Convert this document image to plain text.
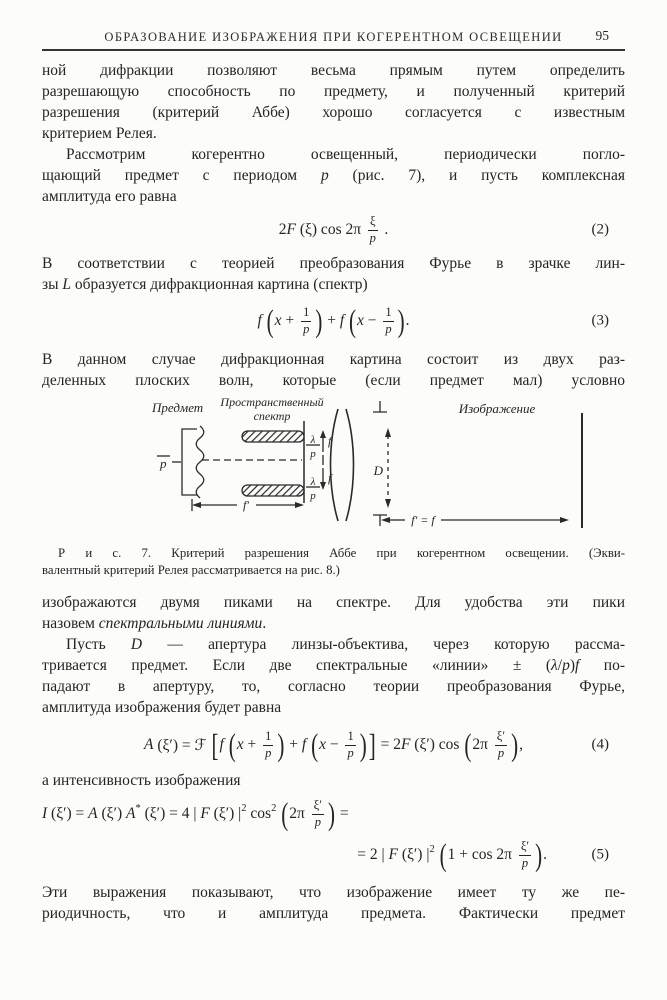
ОБРАЗОВАНИЕ ИЗОБРАЖЕНИЯ ПРИ КОГЕРЕНТНОМ ОСВЕЩЕНИИ 95
ной дифракции позволяют весьма прямым путем определить
разрешающую способность по предмету, и полученный критерий
разрешения (критерий Аббе) хорошо согласуется с известным
критерием Релея.
Рассмотрим когерентно освещенный, периодически погло-
щающий предмет с периодом p (рис. 7), и пусть комплексная
амплитуда его равна
2 F (ξ) cos 2π
ξ
p .	(2)
В соответствии с теорией преобразования Фурье в зрачке лин-
зы L образуется дифракционная картина (спектр)
f
( $x + \frac{1}{p}$ ) + f
( $x - \frac{1}{p}$ ) .	(3)
В данном случае дифракционная картина состоит из двух раз-
деленных плоских волн, которые (если предмет мал) условно
Предмет Пространственный
спектр
p
λ
p
f
λ
p
f	D
Изображение
f′
f′ = f
Р и с. 7. Критерий разрешения Аббе при когерентном освещении. (Экви-
валентный критерий Релея рассматривается на рис. 8.)
изображаются двумя пиками на спектре. Для удобства эти пики
назовем спектральными линиями.
Пусть D — апертура линзы-объектива, через которую рассма-
тривается предмет. Если две спектральные «линии» ± (λ/p)f по-
падают в апертуру, то, согласно теории преобразования Фурье,
амплитуда изображения будет равна
A (ξ′) = ℱ [ f
( $x + \frac{1}{p}$ ) + f
( $x - \frac{1}{p}$ ) ] = 2 F (ξ′) cos ( 2π
ξ′
p ) ,	(4)
а интенсивность изображения
I (ξ′) = A (ξ′) A * (ξ′) = 4 | F (ξ′) | 2 cos 2
( 2π
ξ′
p ) =
= 2 | F (ξ′) | 2
( 1 + cos 2π
ξ′
p ) .	(5)
Эти выражения показывают, что изображение имеет ту же пе-
риодичность, что и амплитуда предмета. Фактически предмет
